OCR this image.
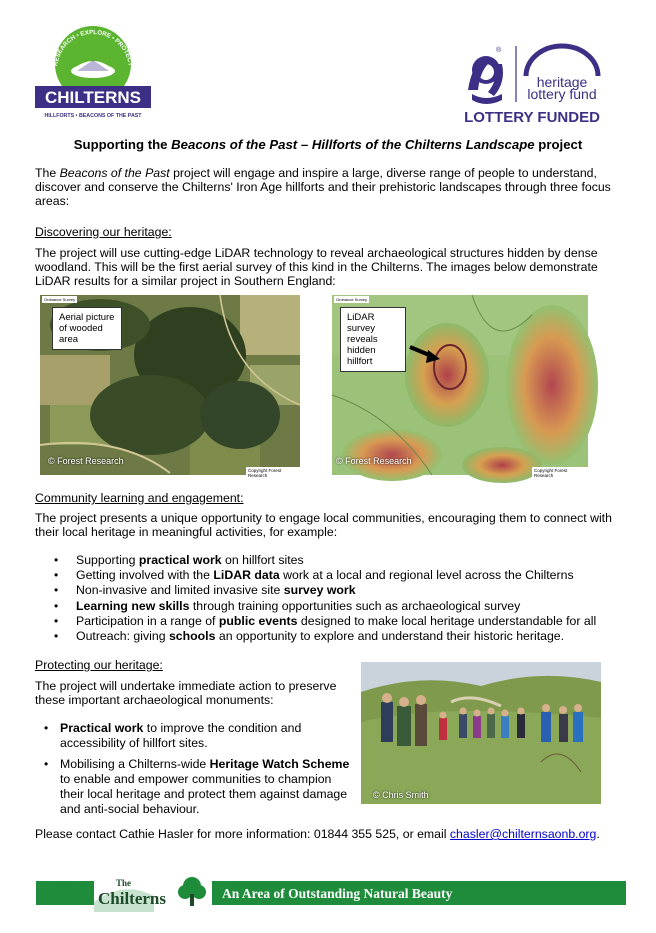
RESEARCH • EXPLORE • PROTECT
CHILTERNS
HILLFORTS • BEACONS OF THE PAST
®
heritage
lottery fund
LOTTERY FUNDED
Supporting the Beacons of the Past – Hillforts of the Chilterns Landscape project
The Beacons of the Past project will engage and inspire a large, diverse range of people to understand, discover and conserve the Chilterns' Iron Age hillforts and their prehistoric landscapes through three focus areas:
Discovering our heritage:
The project will use cutting-edge LiDAR technology to reveal archaeological structures hidden by dense woodland. This will be the first aerial survey of this kind in the Chilterns. The images below demonstrate LiDAR results for a similar project in Southern England:
Ordnance Survey
Aerial picture of wooded area
© Forest Research
Copyright Forest Research
Ordnance Survey
LiDAR survey reveals hidden hillfort
© Forest Research
Copyright Forest Research
Community learning and engagement:
The project presents a unique opportunity to engage local communities, encouraging them to connect with their local heritage in meaningful activities, for example:
• Supporting practical work on hillfort sites
• Getting involved with the LiDAR data work at a local and regional level across the Chilterns
• Non-invasive and limited invasive site survey work
• Learning new skills through training opportunities such as archaeological survey
• Participation in a range of public events designed to make local heritage understandable for all
• Outreach: giving schools an opportunity to explore and understand their historic heritage.
Protecting our heritage:
The project will undertake immediate action to preserve these important archaeological monuments:
• Practical work to improve the condition and accessibility of hillfort sites.
• Mobilising a Chilterns-wide Heritage Watch Scheme to enable and empower communities to champion their local heritage and protect them against damage and anti-social behaviour.
© Chris Smith
Please contact Cathie Hasler for more information: 01844 355 525, or email chasler@chilternsaonb.org.
The
Chilterns	An Area of Outstanding Natural Beauty
